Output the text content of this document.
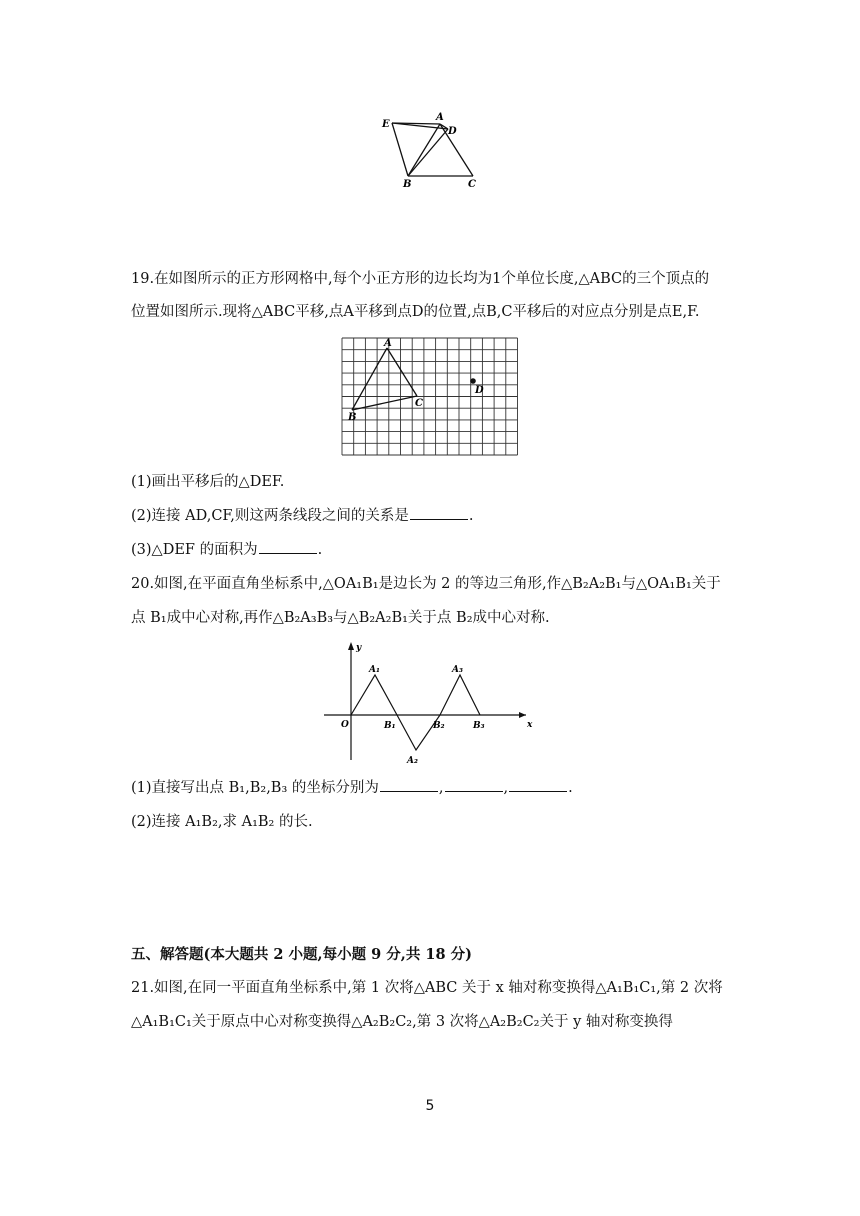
E
A
D
B	C
19.在如图所示的正方形网格中,每个小正方形的边长均为1个单位长度,△ABC的三个顶点的
位置如图所示.现将△ABC平移,点A平移到点D的位置,点B,C平移后的对应点分别是点E,F.
A
B
C
D
(1)画出平移后的△DEF.
(2)连接 AD,CF,则这两条线段之间的关系是	.
(3)△DEF 的面积为	.
20.如图,在平面直角坐标系中,△OA₁B₁是边长为 2 的等边三角形,作△B₂A₂B₁与△OA₁B₁关于
点 B₁成中心对称,再作△B₂A₃B₃与△B₂A₂B₁关于点 B₂成中心对称.
y
x
O
A₁	A₃
B₁	B₂	B₃
A₂
(1)直接写出点 B₁,B₂,B₃ 的坐标分别为	,	,	.
(2)连接 A₁B₂,求 A₁B₂ 的长.
五、解答题(本大题共 2 小题,每小题 9 分,共 18 分)
21.如图,在同一平面直角坐标系中,第 1 次将△ABC 关于 x 轴对称变换得△A₁B₁C₁,第 2 次将
△A₁B₁C₁关于原点中心对称变换得△A₂B₂C₂,第 3 次将△A₂B₂C₂关于 y 轴对称变换得
5
